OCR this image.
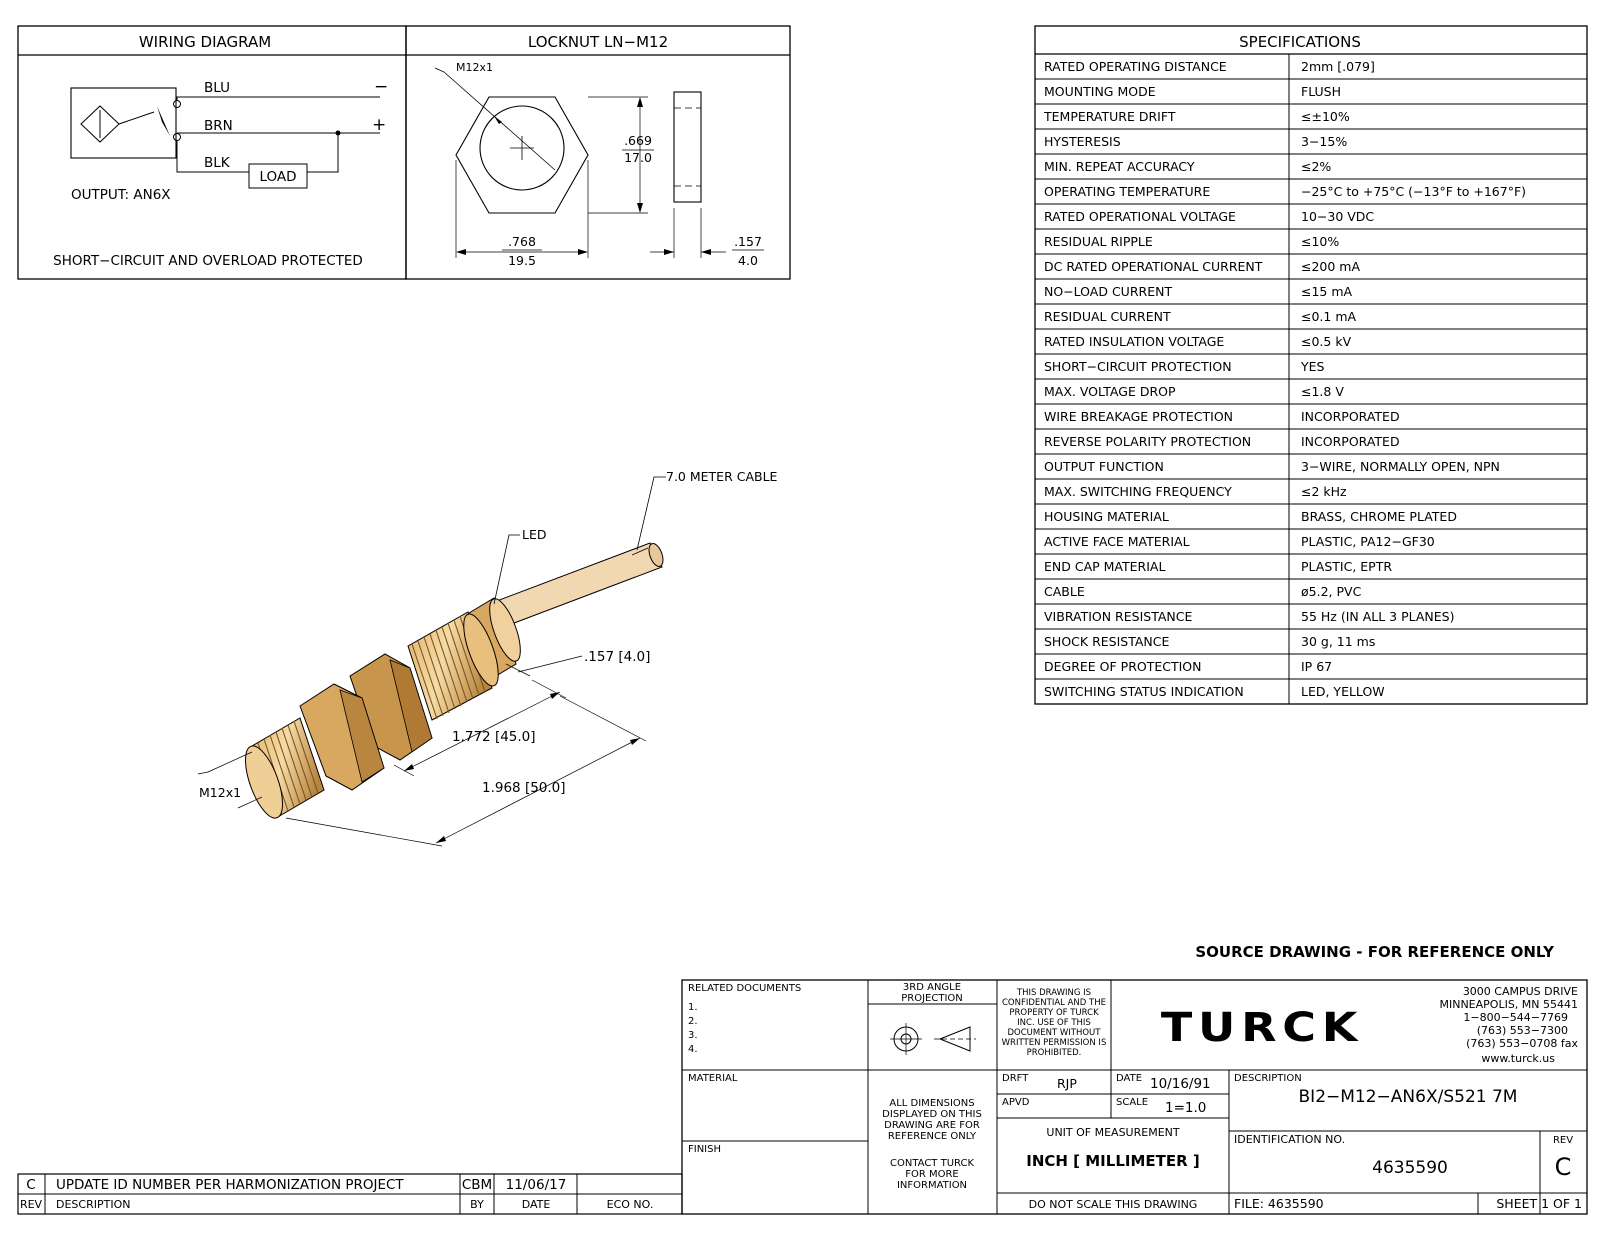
WIRING DIAGRAM
BLU
BRN
BLK
−
+
LOAD
OUTPUT: AN6X
SHORT−CIRCUIT AND OVERLOAD PROTECTED
LOCKNUT LN−M12
M12x1
.669
17.0
.768
19.5
.157
4.0
SPECIFICATIONS
RATED OPERATING DISTANCE	2mm [.079]
MOUNTING MODE	FLUSH
TEMPERATURE DRIFT	≤±10%
HYSTERESIS	3−15%
MIN. REPEAT ACCURACY	≤2%
OPERATING TEMPERATURE	−25°C to +75°C (−13°F to +167°F)
RATED OPERATIONAL VOLTAGE	10−30 VDC
RESIDUAL RIPPLE	≤10%
DC RATED OPERATIONAL CURRENT	≤200 mA
NO−LOAD CURRENT	≤15 mA
RESIDUAL CURRENT	≤0.1 mA
RATED INSULATION VOLTAGE	≤0.5 kV
SHORT−CIRCUIT PROTECTION	YES
MAX. VOLTAGE DROP	≤1.8 V
WIRE BREAKAGE PROTECTION	INCORPORATED
REVERSE POLARITY PROTECTION	INCORPORATED
OUTPUT FUNCTION	3−WIRE, NORMALLY OPEN, NPN
MAX. SWITCHING FREQUENCY	≤2 kHz
HOUSING MATERIAL	BRASS, CHROME PLATED
ACTIVE FACE MATERIAL	PLASTIC, PA12−GF30
END CAP MATERIAL	PLASTIC, EPTR
CABLE	ø5.2, PVC
VIBRATION RESISTANCE	55 Hz (IN ALL 3 PLANES)
SHOCK RESISTANCE	30 g, 11 ms
DEGREE OF PROTECTION	IP 67
SWITCHING STATUS INDICATION	LED, YELLOW
7.0 METER CABLE
LED
.157 [4.0]
1.772 [45.0]
1.968 [50.0]
M12x1
SOURCE DRAWING - FOR REFERENCE ONLY
C UPDATE ID NUMBER PER HARMONIZATION PROJECT	CBM 11/06/17
REV DESCRIPTION	BY	DATE	ECO NO.
RELATED DOCUMENTS
1.
2.
3.
4.
MATERIAL
FINISH
3RD ANGLE
PROJECTION
ALL DIMENSIONS
DISPLAYED ON THIS
DRAWING ARE FOR
REFERENCE ONLY
CONTACT TURCK
FOR MORE
INFORMATION
THIS DRAWING IS
CONFIDENTIAL AND THE
PROPERTY OF TURCK
INC. USE OF THIS
DOCUMENT WITHOUT
WRITTEN PERMISSION IS
PROHIBITED.
TURCK
3000 CAMPUS DRIVE
MINNEAPOLIS, MN 55441
1−800−544−7769
(763) 553−7300
(763) 553−0708 fax
www.turck.us
DRFT RJP	DATE 10/16/91
APVD	SCALE 1=1.0
UNIT OF MEASUREMENT
INCH [ MILLIMETER ]
DO NOT SCALE THIS DRAWING
DESCRIPTION
BI2−M12−AN6X/S521 7M
IDENTIFICATION NO.
4635590
REV
C
FILE: 4635590	SHEET 1 OF 1
